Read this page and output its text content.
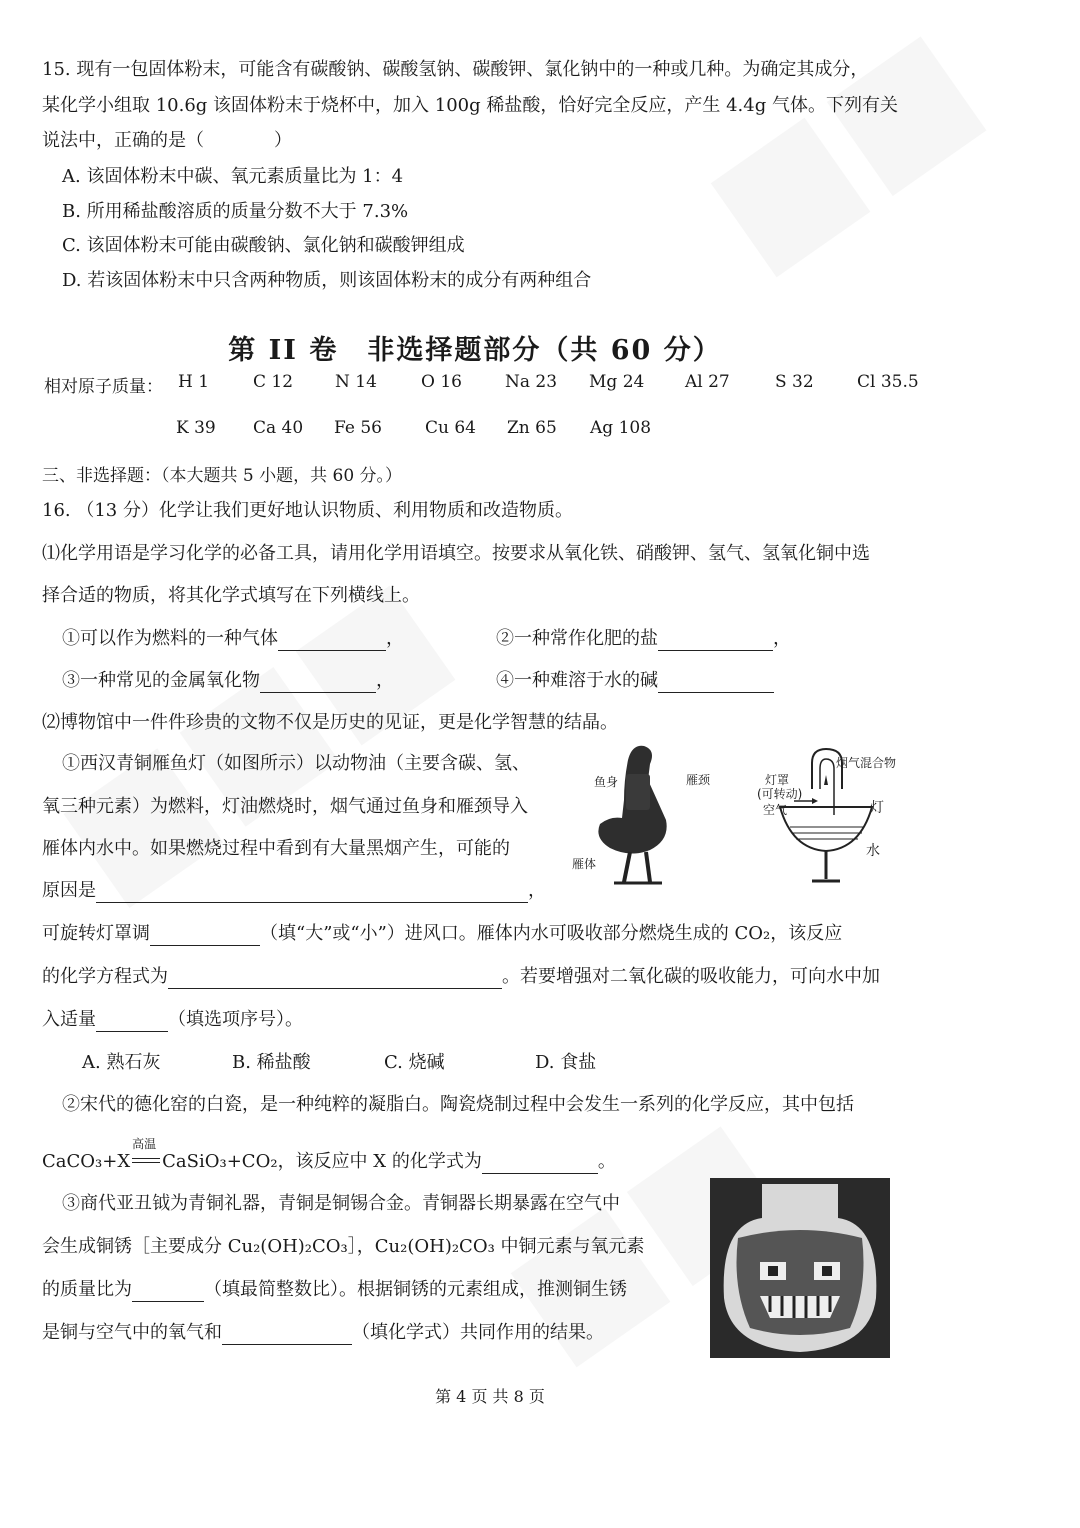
15. 现有一包固体粉末，可能含有碳酸钠、碳酸氢钠、碳酸钾、氯化钠中的一种或几种。为确定其成分，
某化学小组取 10.6g 该固体粉末于烧杯中，加入 100g 稀盐酸，恰好完全反应，产生 4.4g 气体。下列有关
说法中，正确的是（	）
A. 该固体粉末中碳、氧元素质量比为 1：4
B. 所用稀盐酸溶质的质量分数不大于 7.3%
C. 该固体粉末可能由碳酸钠、氯化钠和碳酸钾组成
D. 若该固体粉末中只含两种物质，则该固体粉末的成分有两种组合
第 II 卷　非选择题部分（共 60 分）
相对原子质量： H 1	C 12 N 14	O 16	Na 23 Mg 24 Al 27	S 32	Cl 35.5
K 39 Ca 40 Fe 56	Cu 64 Zn 65 Ag 108
三、非选择题：（本大题共 5 小题，共 60 分。）
16. （13 分）化学让我们更好地认识物质、利用物质和改造物质。
⑴化学用语是学习化学的必备工具，请用化学用语填空。按要求从氧化铁、硝酸钾、氢气、氢氧化铜中选
择合适的物质，将其化学式填写在下列横线上。
①可以作为燃料的一种气体	，	②一种常作化肥的盐	，
③一种常见的金属氧化物	，	④一种难溶于水的碱
⑵博物馆中一件件珍贵的文物不仅是历史的见证，更是化学智慧的结晶。
①西汉青铜雁鱼灯（如图所示）以动物油（主要含碳、氢、
氧三种元素）为燃料，灯油燃烧时，烟气通过鱼身和雁颈导入
雁体内水中。如果燃烧过程中看到有大量黑烟产生，可能的
原因是	，
可旋转灯罩调	（填“大”或“小”）进风口。雁体内水可吸收部分燃烧生成的 CO₂，该反应
的化学方程式为	。若要增强对二氧化碳的吸收能力，可向水中加
入适量	（填选项序号）。
A. 熟石灰	B. 稀盐酸	C. 烧碱	D. 食盐
②宋代的德化窑的白瓷，是一种纯粹的凝脂白。陶瓷烧制过程中会发生一系列的化学反应，其中包括
CaCO₃+X
高温
CaSiO₃+CO₂，该反应中 X 的化学式为	。
③商代亚丑钺为青铜礼器，青铜是铜锡合金。青铜器长期暴露在空气中
会生成铜锈［主要成分 Cu₂(OH)₂CO₃］，Cu₂(OH)₂CO₃ 中铜元素与氧元素
的质量比为	（填最简整数比）。根据铜锈的元素组成，推测铜生锈
是铜与空气中的氧气和	（填化学式）共同作用的结果。
鱼身	雁颈
雁体
烟气混合物
灯罩
(可转动)
空气	灯
水
第 4 页 共 8 页
